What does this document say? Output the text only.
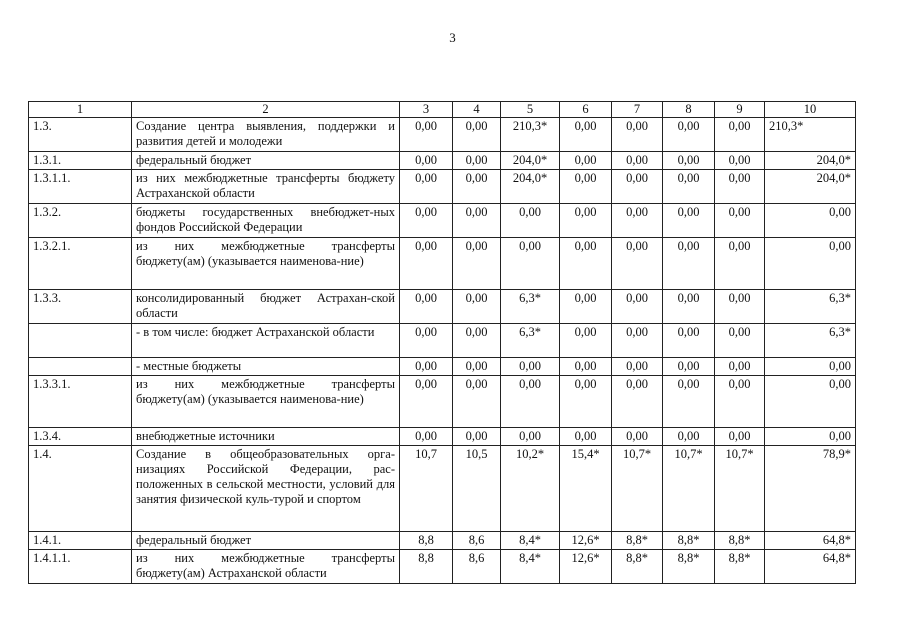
3
1	2	3	4	5	6	7	8	9	10
1.3.	Создание центра выявления, поддержки и развития детей и молодежи	0,00	0,00	210,3*	0,00	0,00	0,00	0,00	210,3*
1.3.1.	федеральный бюджет	0,00	0,00	204,0*	0,00	0,00	0,00	0,00	204,0*
1.3.1.1.	из них межбюджетные трансферты бюджету Астраханской области	0,00	0,00	204,0*	0,00	0,00	0,00	0,00	204,0*
1.3.2.	бюджеты государственных внебюджет-ных фондов Российской Федерации	0,00	0,00	0,00	0,00	0,00	0,00	0,00	0,00
1.3.2.1.	из них межбюджетные трансферты бюджету(ам) (указывается наименова-ние)	0,00	0,00	0,00	0,00	0,00	0,00	0,00	0,00
1.3.3.	консолидированный бюджет Астрахан-ской области	0,00	0,00	6,3*	0,00	0,00	0,00	0,00	6,3*
	- в том числе: бюджет Астраханской области	0,00	0,00	6,3*	0,00	0,00	0,00	0,00	6,3*
	- местные бюджеты	0,00	0,00	0,00	0,00	0,00	0,00	0,00	0,00
1.3.3.1.	из них межбюджетные трансферты бюджету(ам) (указывается наименова-ние)	0,00	0,00	0,00	0,00	0,00	0,00	0,00	0,00
1.3.4.	внебюджетные источники	0,00	0,00	0,00	0,00	0,00	0,00	0,00	0,00
1.4.	Создание в общеобразовательных орга-низациях Российской Федерации, рас-положенных в сельской местности, условий для занятия физической куль-турой и спортом	10,7	10,5	10,2*	15,4*	10,7*	10,7*	10,7*	78,9*
1.4.1.	федеральный бюджет	8,8	8,6	8,4*	12,6*	8,8*	8,8*	8,8*	64,8*
1.4.1.1.	из них межбюджетные трансферты бюджету(ам) Астраханской области	8,8	8,6	8,4*	12,6*	8,8*	8,8*	8,8*	64,8*
